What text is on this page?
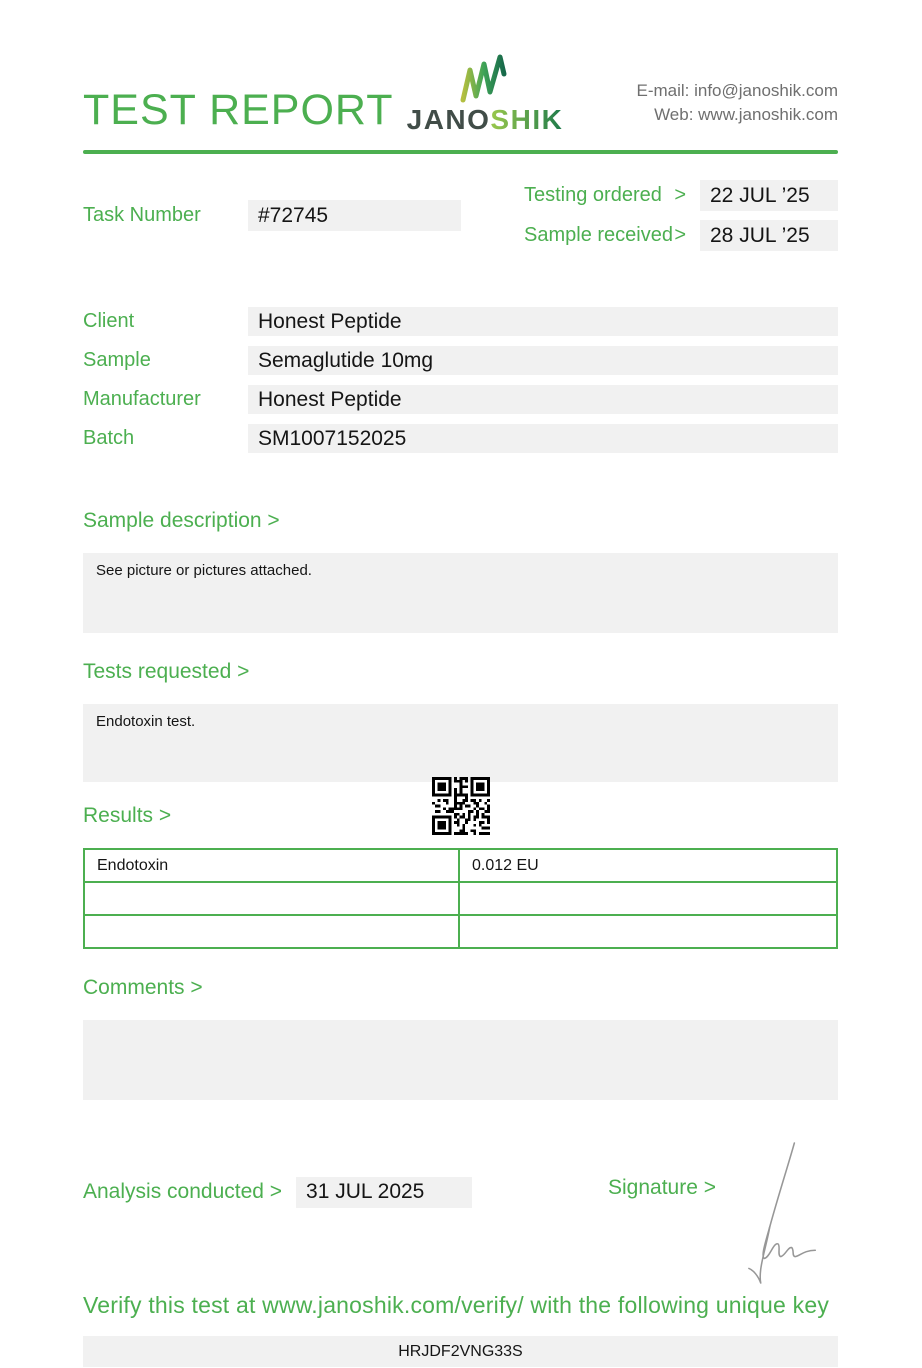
TEST REPORT JANOSHIK
E-mail: info@janoshik.com
Web: www.janoshik.com
Task Number	#72745
Testing ordered >	22 JUL ’25
Sample received >	28 JUL ’25
Client	Honest Peptide
Sample	Semaglutide 10mg
Manufacturer	Honest Peptide
Batch	SM1007152025
Sample description >
See picture or pictures attached.
Tests requested >
Endotoxin test.
Results >
Endotoxin	0.012 EU

Comments >
Analysis conducted >	31 JUL 2025	Signature >
Verify this test at www.janoshik.com/verify/ with the following unique key
HRJDF2VNG33S
